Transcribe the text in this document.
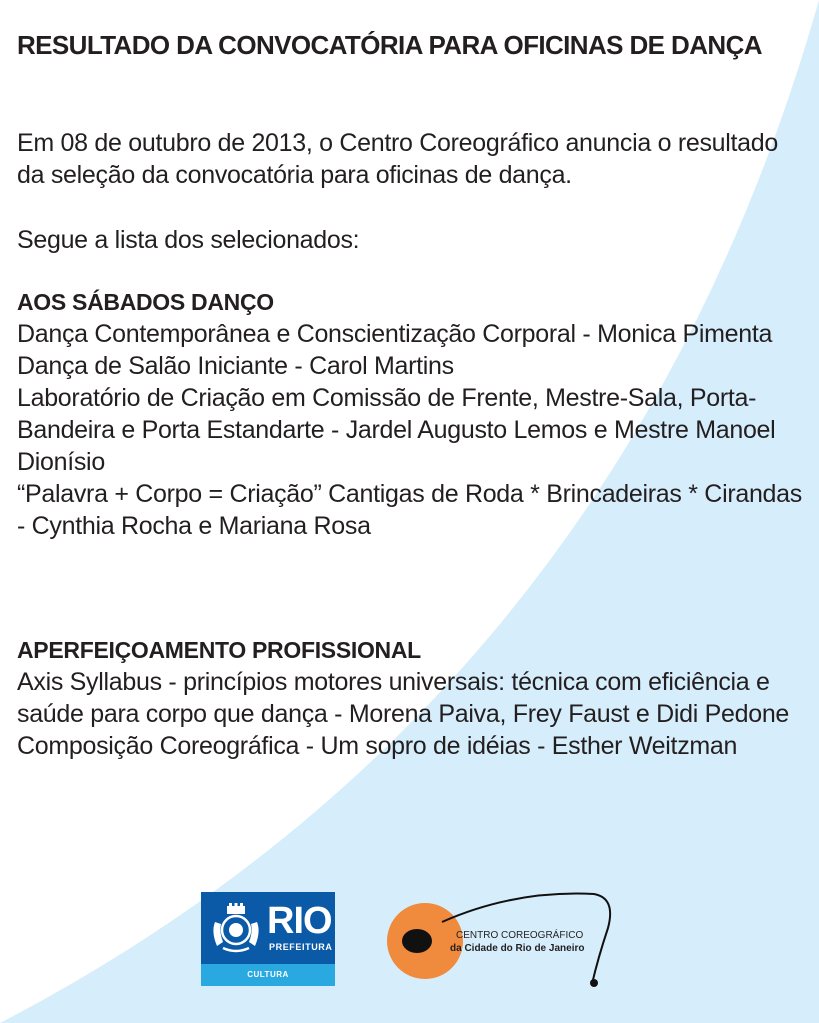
RESULTADO DA CONVOCATÓRIA PARA OFICINAS DE DANÇA

Em 08 de outubro de 2013, o Centro Coreográfico anuncia o resultado da seleção da convocatória para oficinas de dança.

Segue a lista dos selecionados:

AOS SÁBADOS DANÇO

Dança Contemporânea e Conscientização Corporal - Monica Pimenta

Dança de Salão Iniciante - Carol Martins

Laboratório de Criação em Comissão de Frente, Mestre-Sala, Porta-Bandeira e Porta Estandarte - Jardel Augusto Lemos e Mestre Manoel Dionísio

“Palavra + Corpo = Criação” Cantigas de Roda * Brincadeiras * Cirandas - Cynthia Rocha e Mariana Rosa

APERFEIÇOAMENTO PROFISSIONAL

Axis Syllabus - princípios motores universais: técnica com eficiência e saúde para corpo que dança - Morena Paiva, Frey Faust e Didi Pedone

Composição Coreográfica - Um sopro de idéias - Esther Weitzman

RIO
PREFEITURA
CULTURA
CENTRO COREOGRÁFICO
da Cidade do Rio de Janeiro
